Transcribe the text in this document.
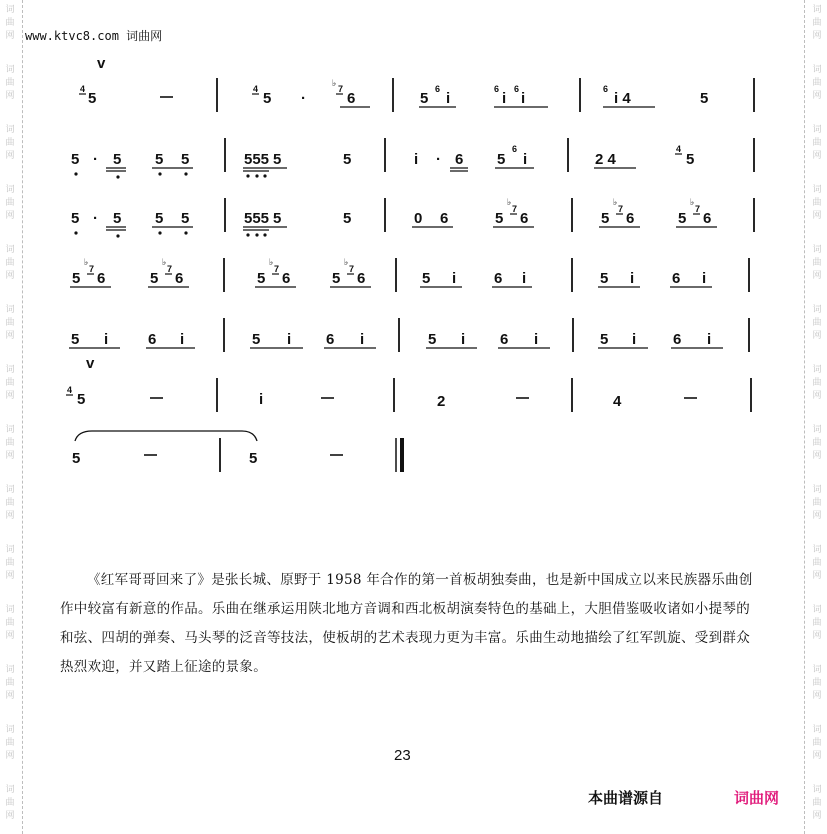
词
曲
网
词
曲
网
词
曲
网
词
曲
网
词
曲
网
词
曲
网
词
曲
网
词
曲
网
词
曲
网
词
曲
网
词
曲
网
词
曲
网
词
曲
网
词
曲
网
词
曲
网
词
曲
网
词
曲
网
词
曲
网
词
曲
网
词
曲
网
词
曲
网
词
曲
网
词
曲
网
词
曲
网
词
曲
网
词
曲
网
词
曲
网
词
曲
网
www.ktvc8.com 词曲网
v
4
5
4
5 ·
♭
7
6	5
6
i
6
i
6
i
6
i 4	5
5 · 5 5 5	555 5	5	i · 6 5
6
i	2 4
4
5
5 · 5 5 5	555 5	5	0 6	5
♭
7
6	5
♭
7
6	5
♭
7
6
5
♭
7
6	5
♭
7
6	5
♭
7
6	5
♭
7
6	5 i	6 i	5 i	6 i
5 i	6 i	5 i 6 i	5 i 6 i	5 i 6 i
v
4
5	i	2	4
5	5

《红军哥哥回来了》是张长城、原野于 1958 年合作的第一首板胡独奏曲，也是新中国成立以来民族器乐曲创作中较富有新意的作品。乐曲在继承运用陕北地方音调和西北板胡演奏特色的基础上，大胆借鉴吸收诸如小提琴的和弦、四胡的弹奏、马头琴的泛音等技法，使板胡的艺术表现力更为丰富。乐曲生动地描绘了红军凯旋、受到群众热烈欢迎，并又踏上征途的景象。

23
本曲谱源自	词曲网
